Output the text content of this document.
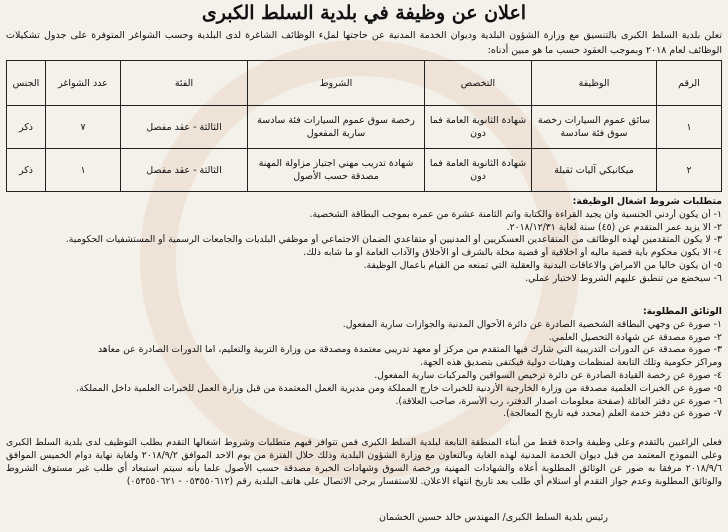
اعلان عن وظيفة في بلدية السلط الكبرى
تعلن بلدية السلط الكبرى بالتنسيق مع وزارة الشؤون البلدية وديوان الخدمة المدنية عن حاجتها لملء الوظائف الشاغرة لدى البلدية وحسب الشواغر المتوفرة على جدول تشكيلات الوظائف لعام ٢٠١٨ وبموجب العقود حسب ما هو مبين أدناه:
الرقم	الوظيفة	التخصص	الشروط	الفئة	عدد الشواغر	الجنس
١	سائق عموم السيارات رخصة سوق فئة سادسة	شهادة الثانوية العامة فما دون	رخصة سوق عموم السيارات فئة سادسة سارية المفعول	الثالثة - عقد مفصل	٧	ذكر
٢	ميكانيكي آليات ثقيلة	شهادة الثانوية العامة فما دون	شهادة تدريب مهني اجتياز مزاولة المهنة مصدقة حسب الأصول	الثالثة - عقد مفصل	١	ذكر
متطلبات شروط اشغال الوظيفة:
١- أن يكون أردني الجنسية وان يجيد القراءة والكتابة واتم الثامنة عشرة من عمره بموجب البطاقة الشخصية.
٢- الا يزيد عمر المتقدم عن (٤٥) سنة لغاية ٢٠١٨/١٢/٣١.
٣- لا يكون المتقدمين لهذه الوظائف من المتقاعدين العسكريين أو المدنيين أو متقاعدي الضمان الاجتماعي أو موظفي البلديات والجامعات الرسمية أو المستشفيات الحكومية.
٤- الا يكون محكوم بأية قضية ماليه أو اخلاقية أو قضية مخلة بالشرف أو الأخلاق والآداب العامة أو ما شابه ذلك.
٥- ان يكون خاليا من الامراض والاعاقات البدنية والعقلية التي تمنعه من القيام بأعمال الوظيفة.
٦- سيخضع من تنطبق عليهم الشروط لاختبار عملي.
الوثائق المطلوبة:
١- صورة عن وجهي البطاقة الشخصية الصادرة عن دائرة الأحوال المدنية والجوازات سارية المفعول.
٢- صورة مصدقة عن شهادة التحصيل العلمي.
٣- صورة مصدقة عن الدورات التدريبية التي شارك فيها المتقدم من مركز أو معهد تدريبي معتمدة ومصدقة من وزارة التربية والتعليم، اما الدورات الصادرة عن معاهد
ومراكز حكومية وتلك التابعة لمنظمات وهيئات دولية فيكتفى بتصديق هذه الجهة.
٤- صورة عن رخصة القيادة الصادرة عن دائرة ترخيص السواقين والمركبات سارية المفعول.
٥- صورة عن الخبرات العلمية مصدقة من وزارة الخارجية الأردنية للخبرات خارج المملكة ومن مديرية العمل المعتمدة من قبل وزارة العمل للخبرات العلمية داخل المملكة.
٦- صورة عن دفتر العائلة (صفحة معلومات اصدار الدفتر، رب الأسرة، صاحب العلاقة).
٧- صورة عن دفتر خدمة العلم (محدد فيه تاريخ المعالجة).
فعلى الراغبين بالتقدم وعلى وظيفة واحدة فقط من أبناء المنطقة التابعة لبلدية السلط الكبرى فمن تتوافر فيهم متطلبات وشروط اشغالها التقدم بطلب التوظيف لدى بلدية السلط الكبرى وعلى النموذج المعتمد من قبل ديوان الخدمة المدنية لهذه الغاية وبالتعاون مع وزارة الشؤون البلدية وذلك خلال الفترة من يوم الاحد الموافق ٢٠١٨/٩/٢ ولغاية نهاية دوام الخميس الموافق ٢٠١٨/٩/٦ مرفقا به صور عن الوثائق المطلوبة أعلاه والشهادات المهنية ورخصة السوق وشهادات الخبرة مصدقة حسب الأصول علما بأنه سيتم استبعاد أي طلب غير مستوف الشروط والوثائق المطلوبة وعدم جواز التقدم أو استلام أي طلب بعد تاريخ انتهاء الاعلان. للاستفسار يرجى الاتصال على هاتف البلدية رقم (٠٥٣٥٥٠٦١٢ - ٠٥٣٥٥٠٦٢١)
رئيس بلدية السلط الكبرى/ المهندس خالد حسين الخشمان
